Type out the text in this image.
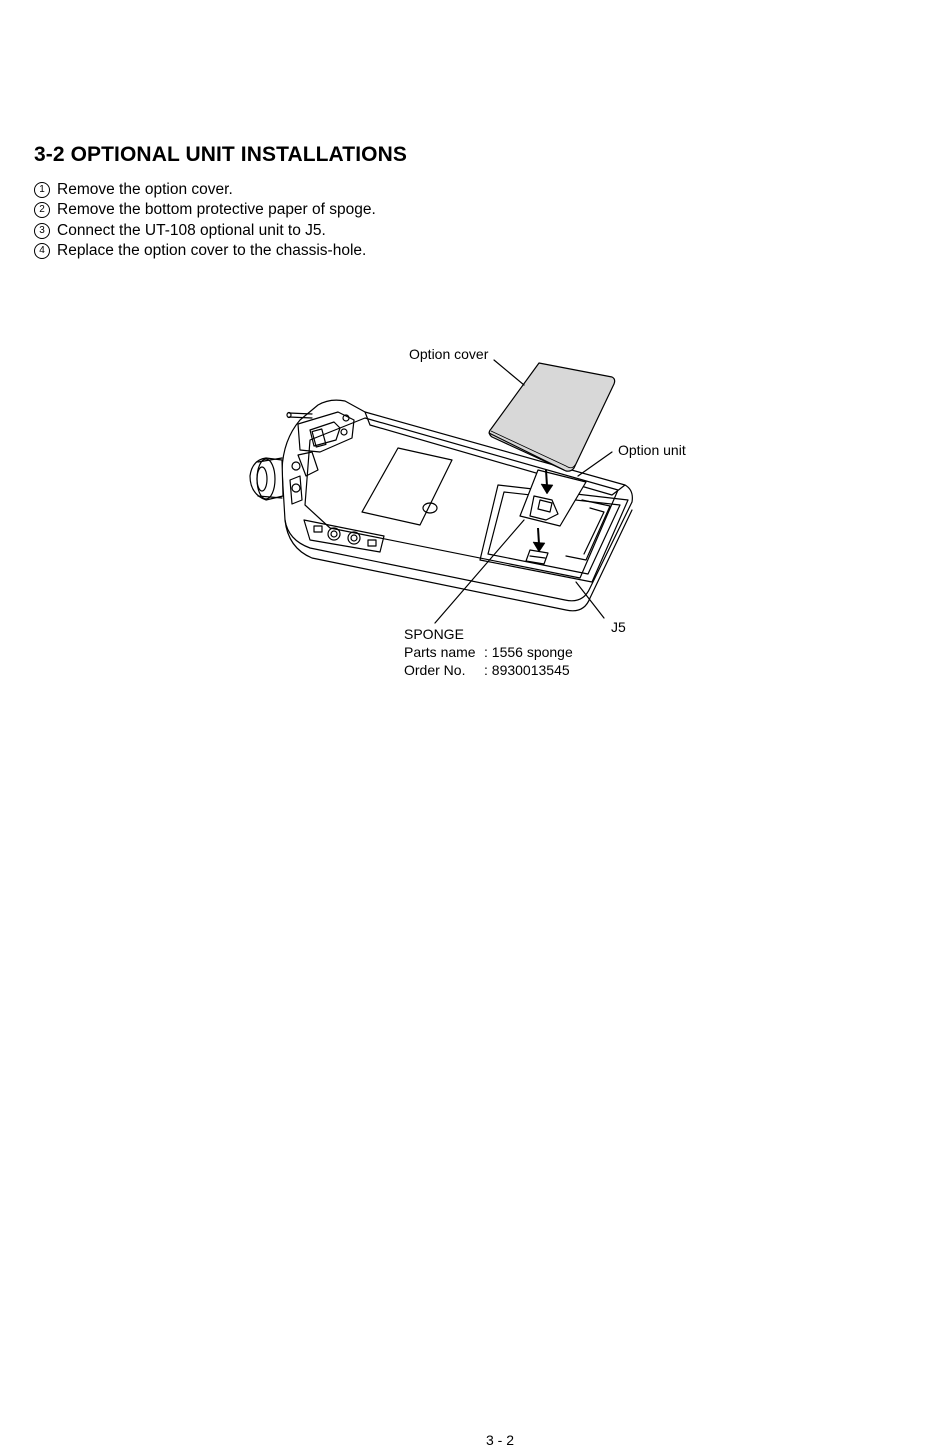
3-2 OPTIONAL UNIT INSTALLATIONS
1 Remove the option cover.
2 Remove the bottom protective paper of spoge.
3 Connect the UT-108 optional unit to J5.
4 Replace the option cover to the chassis-hole.
Option cover
Option unit
J5
SPONGE
Parts name : 1556 sponge
Order No.	: 8930013545
3 - 2
